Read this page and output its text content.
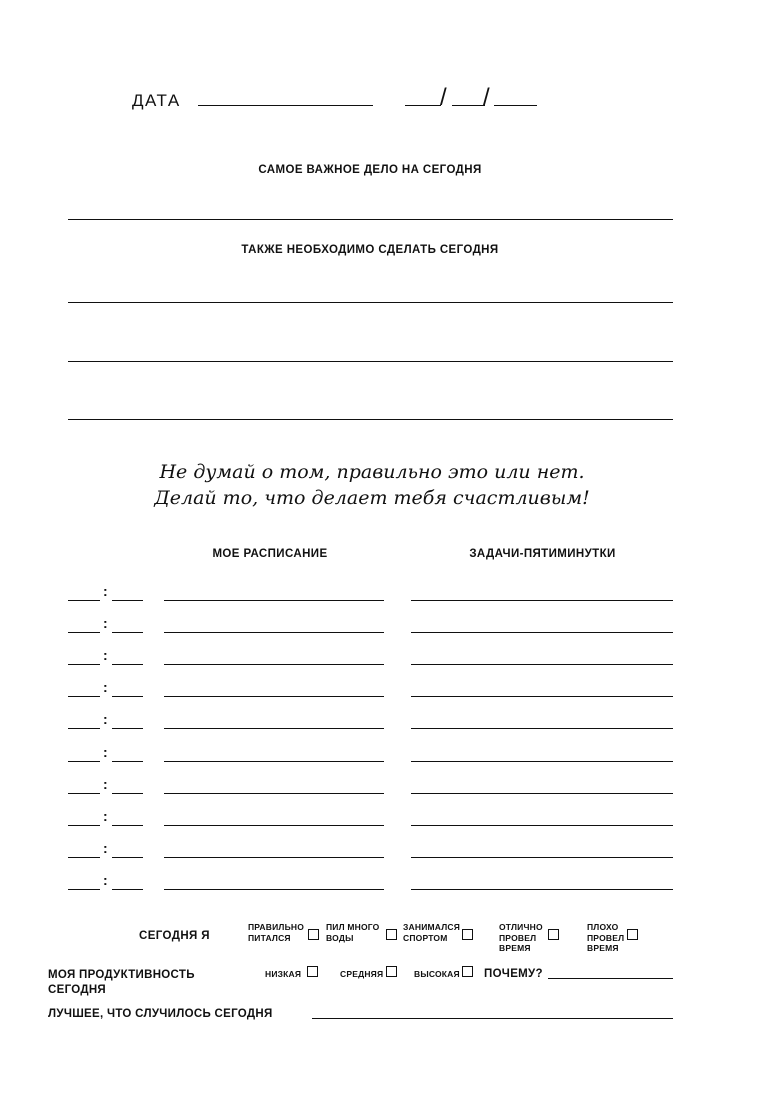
ДАТА	/ /
САМОЕ ВАЖНОЕ ДЕЛО НА СЕГОДНЯ
ТАКЖЕ НЕОБХОДИМО СДЕЛАТЬ СЕГОДНЯ
Не думай о том, правильно это или нет.
Делай то, что делает тебя счастливым!
МОЕ РАСПИСАНИЕ	ЗАДАЧИ-ПЯТИМИНУТКИ
:
:
:
:
:
:
:
:
:
:
СЕГОДНЯ Я
ПРАВИЛЬНО
ПИТАЛСЯ
ПИЛ МНОГО
ВОДЫ
ЗАНИМАЛСЯ
СПОРТОМ
ОТЛИЧНО
ПРОВЕЛ
ВРЕМЯ
ПЛОХО
ПРОВЕЛ
ВРЕМЯ
МОЯ ПРОДУКТИВНОСТЬ
СЕГОДНЯ
НИЗКАЯ	СРЕДНЯЯ	ВЫСОКАЯ ПОЧЕМУ?
ЛУЧШЕЕ, ЧТО СЛУЧИЛОСЬ СЕГОДНЯ
